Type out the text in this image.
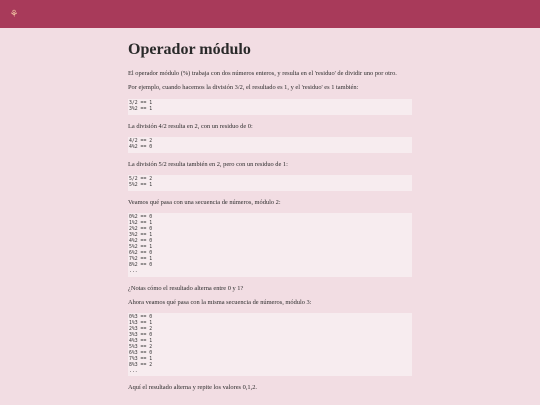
⚘
Operador módulo

El operador módulo (%) trabaja con dos números enteros, y resulta en el 'residuo' de dividir uno por otro.

Por ejemplo, cuando hacemos la división 3/2, el resultado es 1, y el 'residuo' es 1 también:

3/2 == 1
3%2 == 1

La división 4/2 resulta en 2, con un residuo de 0:

4/2 == 2
4%2 == 0

La división 5/2 resulta también en 2, pero con un residuo de 1:

5/2 == 2
5%2 == 1

Veamos qué pasa con una secuencia de números, módulo 2:

0%2 == 0
1%2 == 1
2%2 == 0
3%2 == 1
4%2 == 0
5%2 == 1
6%2 == 0
7%2 == 1
8%2 == 0
...

¿Notas cómo el resultado alterna entre 0 y 1?

Ahora veamos qué pasa con la misma secuencia de números, módulo 3:

0%3 == 0
1%3 == 1
2%3 == 2
3%3 == 0
4%3 == 1
5%3 == 2
6%3 == 0
7%3 == 1
8%3 == 2
...

Aquí el resultado alterna y repite los valores 0,1,2.
